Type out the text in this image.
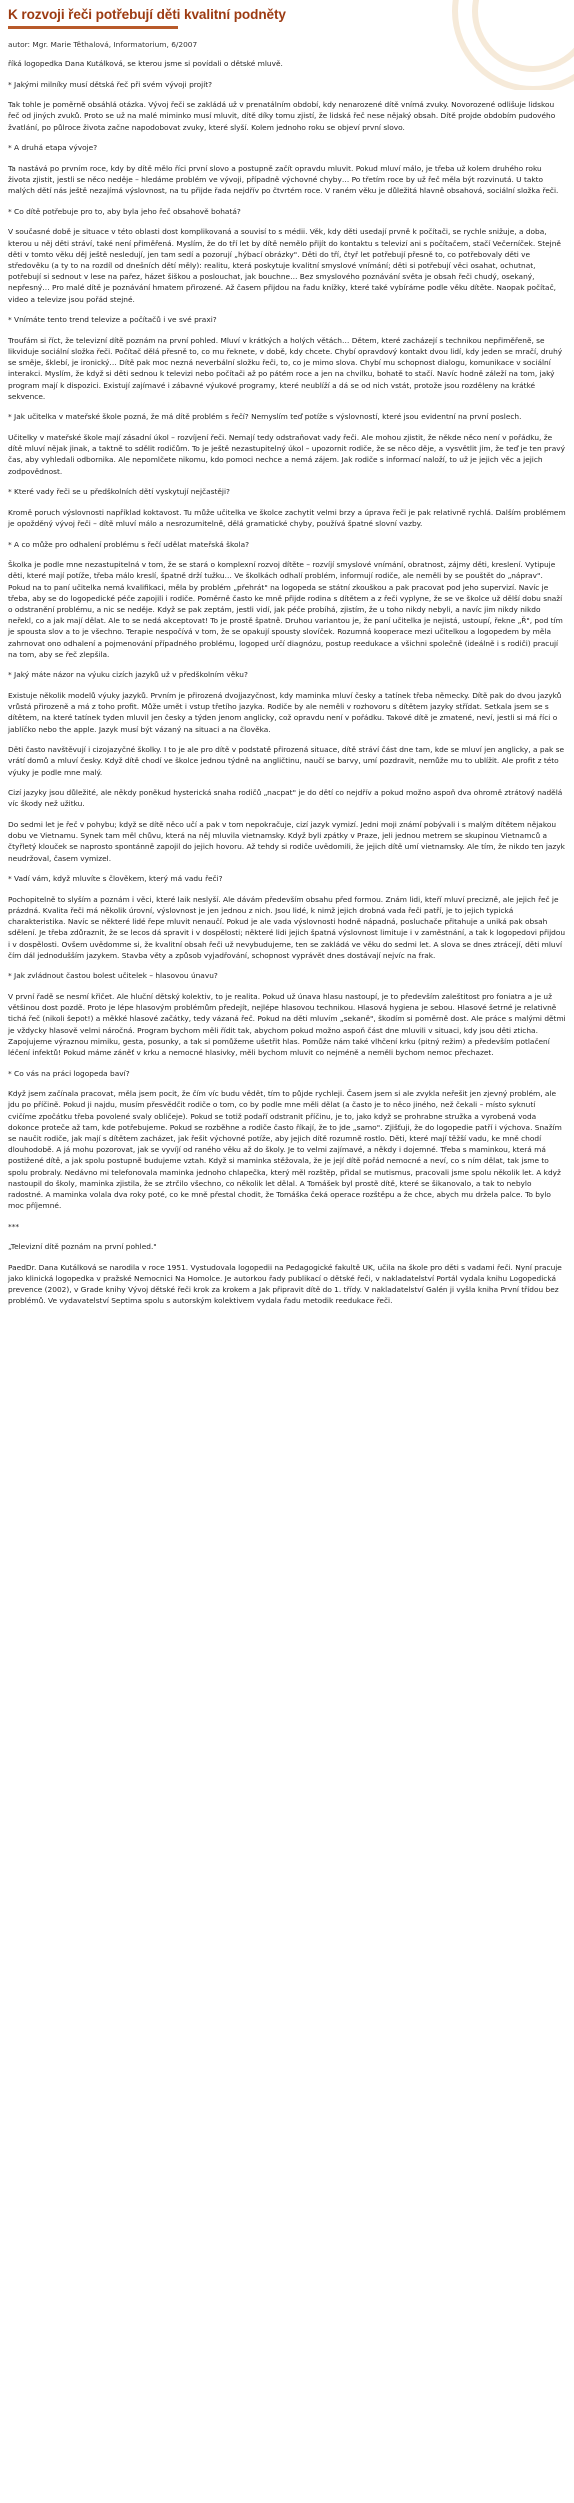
K rozvoji řeči potřebují děti kvalitní podněty

autor: Mgr. Marie Těthalová, Informatorium, 6/2007

říká logopedka Dana Kutálková, se kterou jsme si povídali o dětské mluvě.

* Jakými milníky musí dětská řeč při svém vývoji projít?

Tak tohle je poměrně obsáhlá otázka. Vývoj řeči se zakládá už v prenatálním období, kdy nenarozené dítě vnímá zvuky. Novorozené odlišuje lidskou řeč od jiných zvuků. Proto se už na malé miminko musí mluvit, dítě díky tomu zjistí, že lidská řeč nese nějaký obsah. Dítě projde obdobím pudového žvatlání, po půlroce života začne napodobovat zvuky, které slyší. Kolem jednoho roku se objeví první slovo.

* A druhá etapa vývoje?

Ta nastává po prvním roce, kdy by dítě mělo říci první slovo a postupně začít opravdu mluvit. Pokud mluví málo, je třeba už kolem druhého roku života zjistit, jestli se něco neděje – hledáme problém ve vývoji, případně výchovné chyby… Po třetím roce by už řeč měla být rozvinutá. U takto malých dětí nás ještě nezajímá výslovnost, na tu přijde řada nejdřív po čtvrtém roce. V raném věku je důležitá hlavně obsahová, sociální složka řeči.

* Co dítě potřebuje pro to, aby byla jeho řeč obsahově bohatá?

V současné době je situace v této oblasti dost komplikovaná a souvisí to s médii. Věk, kdy děti usedají prvně k počítači, se rychle snižuje, a doba, kterou u něj děti stráví, také není přiměřená. Myslím, že do tří let by dítě nemělo přijít do kontaktu s televizí ani s počítačem, stačí Večerníček. Stejně děti v tomto věku děj ještě nesledují, jen tam sedí a pozorují „hýbací obrázky". Děti do tří, čtyř let potřebují přesně to, co potřebovaly děti ve středověku (a ty to na rozdíl od dnešních dětí měly): realitu, která poskytuje kvalitní smyslové vnímání; děti si potřebují věci osahat, ochutnat, potřebují si sednout v lese na pařez, házet šiškou a poslouchat, jak bouchne… Bez smyslového poznávání světa je obsah řeči chudý, osekaný, nepřesný… Pro malé dítě je poznávání hmatem přirozené. Až časem přijdou na řadu knížky, které také vybíráme podle věku dítěte. Naopak počítač, video a televize jsou pořád stejné.

* Vnímáte tento trend televize a počítačů i ve své praxi?

Troufám si říct, že televizní dítě poznám na první pohled. Mluví v krátkých a holých větách… Dětem, které zacházejí s technikou nepřiměřeně, se likviduje sociální složka řeči. Počítač dělá přesně to, co mu řeknete, v době, kdy chcete. Chybí opravdový kontakt dvou lidí, kdy jeden se mračí, druhý se směje, šklebí, je ironický… Dítě pak moc nezná neverbální složku řeči, to, co je mimo slova. Chybí mu schopnost dialogu, komunikace v sociální interakci. Myslím, že když si děti sednou k televizi nebo počítači až po pátém roce a jen na chvilku, bohatě to stačí. Navíc hodně záleží na tom, jaký program mají k dispozici. Existují zajímavé i zábavné výukové programy, které neublíží a dá se od nich vstát, protože jsou rozděleny na krátké sekvence.

* Jak učitelka v mateřské škole pozná, že má dítě problém s řečí? Nemyslím teď potíže s výslovností, které jsou evidentní na první poslech.

Učitelky v mateřské škole mají zásadní úkol – rozvíjení řeči. Nemají tedy odstraňovat vady řeči. Ale mohou zjistit, že někde něco není v pořádku, že dítě mluví nějak jinak, a taktně to sdělit rodičům. To je ještě nezastupitelný úkol – upozornit rodiče, že se něco děje, a vysvětlit jim, že teď je ten pravý čas, aby vyhledali odbornika. Ale nepomlčete nikomu, kdo pomoci nechce a nemá zájem. Jak rodiče s informací naloží, to už je jejich věc a jejich zodpovědnost.

* Které vady řeči se u předškolních dětí vyskytují nejčastěji?

Kromě poruch výslovnosti například koktavost. Tu může učitelka ve školce zachytit velmi brzy a úprava řeči je pak relativně rychlá. Dalším problémem je opožděný vývoj řeči – dítě mluví málo a nesrozumitelně, dělá gramatické chyby, používá špatné slovní vazby.

* A co může pro odhalení problému s řečí udělat mateřská škola?

Školka je podle mne nezastupitelná v tom, že se stará o komplexní rozvoj dítěte – rozvíjí smyslové vnímání, obratnost, zájmy děti, kreslení. Vytipuje děti, které mají potíže, třeba málo kreslí, špatně drží tužku… Ve školkách odhalí problém, informují rodiče, ale neměli by se pouštět do „náprav". Pokud na to paní učitelka nemá kvalifikaci, měla by problém „přehrát" na logopeda se státní zkouškou a pak pracovat pod jeho supervizí. Navíc je třeba, aby se do logopedické péče zapojili i rodiče. Poměrně často ke mně přijde rodina s dítětem a z řeči vyplyne, že se ve školce už dělší dobu snaží o odstranění problému, a nic se neděje. Když se pak zeptám, jestli vidí, jak péče probíhá, zjistím, že u toho nikdy nebyli, a navíc jim nikdy nikdo neřekl, co a jak mají dělat. Ale to se nedá akceptovat! To je prostě špatně. Druhou variantou je, že paní učitelka je nejistá, ustoupí, řekne „Ř", pod tím je spousta slov a to je všechno. Terapie nespočívá v tom, že se opakují spousty slovíček. Rozumná kooperace mezi učitelkou a logopedem by měla zahrnovat ono odhalení a pojmenování případného problému, logoped určí diagnózu, postup reedukace a všichni společně (ideálně i s rodiči) pracují na tom, aby se řeč zlepšila.

* Jaký máte názor na výuku cizích jazyků už v předškolním věku?

Existuje několik modelů výuky jazyků. Prvním je přirozená dvojjazyčnost, kdy maminka mluví česky a tatínek třeba německy. Dítě pak do dvou jazyků vrůstá přirozeně a má z toho profit. Může umět i vstup třetího jazyka. Rodiče by ale neměli v rozhovoru s dítětem jazyky střídat. Setkala jsem se s dítětem, na které tatínek tyden mluvil jen česky a týden jenom anglicky, což opravdu není v pořádku. Takové dítě je zmatené, neví, jestli si má říci o jablíčko nebo the apple. Jazyk musí být vázaný na situaci a na člověka.

Děti často navštěvují i cizojazyčné školky. I to je ale pro dítě v podstatě přirozená situace, dítě stráví část dne tam, kde se mluví jen anglicky, a pak se vrátí domů a mluví česky. Když dítě chodí ve školce jednou týdně na angličtinu, naučí se barvy, umí pozdravit, nemůže mu to ublížit. Ale profit z této výuky je podle mne malý.

Cizí jazyky jsou důležité, ale někdy poněkud hysterická snaha rodičů „nacpat" je do dětí co nejdřív a pokud možno aspoň dva ohromě ztrátový nadělá víc škody než užitku.

Do sedmi let je řeč v pohybu; když se dítě něco učí a pak v tom nepokračuje, cizí jazyk vymizí. Jedni moji známí pobývali i s malým dítětem nějakou dobu ve Vietnamu. Synek tam měl chůvu, která na něj mluvila vietnamsky. Když byli zpátky v Praze, jeli jednou metrem se skupinou Vietnamců a čtyřletý klouček se naprosto spontánně zapojil do jejich hovoru. Až tehdy si rodiče uvědomili, že jejich dítě umí vietnamsky. Ale tím, že nikdo ten jazyk neudržoval, časem vymizel.

* Vadí vám, když mluvíte s člověkem, který má vadu řeči?

Pochopitelně to slyším a poznám i věci, které laik neslyší. Ale dávám především obsahu před formou. Znám lidi, kteří mluví precizně, ale jejich řeč je prázdná. Kvalita řeči má několik úrovní, výslovnost je jen jednou z nich. Jsou lidé, k nimž jejich drobná vada řeči patří, je to jejich typická charakteristika. Navíc se některé lidé řepe mluvit nenaučí. Pokud je ale vada výslovnosti hodně nápadná, posluchače přitahuje a uniká pak obsah sdělení. Je třeba zdůraznit, že se lecos dá spravit i v dospělosti; některé lidi jejich špatná výslovnost limituje i v zaměstnání, a tak k logopedovi přijdou i v dospělosti. Ovšem uvědomme si, že kvalitní obsah řeči už nevybudujeme, ten se zakládá ve věku do sedmi let. A slova se dnes ztrácejí, děti mluví čím dál jednodušším jazykem. Stavba věty a způsob vyjadřování, schopnost vyprávět dnes dostávají nejvíc na frak.

* Jak zvládnout častou bolest učitelek – hlasovou únavu?

V první řadě se nesmí křičet. Ale hluční dětský kolektiv, to je realita. Pokud už únava hlasu nastoupí, je to především zaleštitost pro foniatra a je už většinou dost pozdě. Proto je lépe hlasovým problémům předejít, nejlépe hlasovou technikou. Hlasová hygiena je sebou. Hlasové šetrné je relativně tichá řeč (nikoli šepot!) a měkké hlasové začátky, tedy vázaná řeč. Pokud na děti mluvím „sekaně", škodím si poměrně dost. Ale práce s malými dětmi je vždycky hlasově velmi náročná. Program bychom měli řídit tak, abychom pokud možno aspoň část dne mluvili v situaci, kdy jsou děti zticha. Zapojujeme výraznou mimiku, gesta, posunky, a tak si pomůžeme ušetřit hlas. Pomůže nám také vlhčení krku (pitný režim) a především potlačení léčení infektů! Pokud máme záněť v krku a nemocné hlasivky, měli bychom mluvit co nejméně a neměli bychom nemoc přechazet.

* Co vás na práci logopeda baví?

Když jsem začínala pracovat, měla jsem pocit, že čím víc budu vědět, tím to půjde rychleji. Časem jsem si ale zvykla neřešit jen zjevný problém, ale jdu po příčině. Pokud ji najdu, musím přesvědčit rodiče o tom, co by podle mne měli dělat (a často je to něco jiného, než čekali – místo syknutí cvičíme zpočátku třeba povolené svaly obličeje). Pokud se totiž podaří odstranit příčinu, je to, jako když se prohrabne stružka a vyrobená voda dokonce proteče až tam, kde potřebujeme. Pokud se rozběhne a rodiče často říkají, že to jde „samo". Zjišťuji, že do logopedie patří i výchova. Snažím se naučit rodiče, jak mají s dítětem zacházet, jak řešit výchovné potíže, aby jejich dítě rozumně rostlo. Děti, které mají těžší vadu, ke mně chodí dlouhodobě. A já mohu pozorovat, jak se vyvíjí od raného věku až do školy. Je to velmi zajímavé, a někdy i dojemné. Třeba s maminkou, která má postižené dítě, a jak spolu postupně budujeme vztah. Když si maminka stěžovala, že je její dítě pořád nemocné a neví, co s ním dělat, tak jsme to spolu probraly. Nedávno mi telefonovala maminka jednoho chlapečka, který měl rozštěp, přidal se mutismus, pracovali jsme spolu několik let. A když nastoupil do školy, maminka zjistila, že se ztrčilo všechno, co několik let dělal. A Tomášek byl prostě dítě, které se šikanovalo, a tak to nebylo radostné. A maminka volala dva roky poté, co ke mně přestal chodit, že Tomáška čeká operace rozštěpu a že chce, abych mu držela palce. To bylo moc příjemné.

***

„Televizní dítě poznám na první pohled."

PaedDr. Dana Kutálková se narodila v roce 1951. Vystudovala logopedii na Pedagogické fakultě UK, učila na škole pro děti s vadami řeči. Nyní pracuje jako klinická logopedka v pražské Nemocnici Na Homolce. Je autorkou řady publikací o dětské řeči, v nakladatelství Portál vydala knihu Logopedická prevence (2002), v Grade knihy Vývoj dětské řeči krok za krokem a Jak připravit dítě do 1. třídy. V nakladatelství Galén ji vyšla kniha První třídou bez problémů. Ve vydavatelství Septima spolu s autorským kolektivem vydala řadu metodik reedukace řeči.
